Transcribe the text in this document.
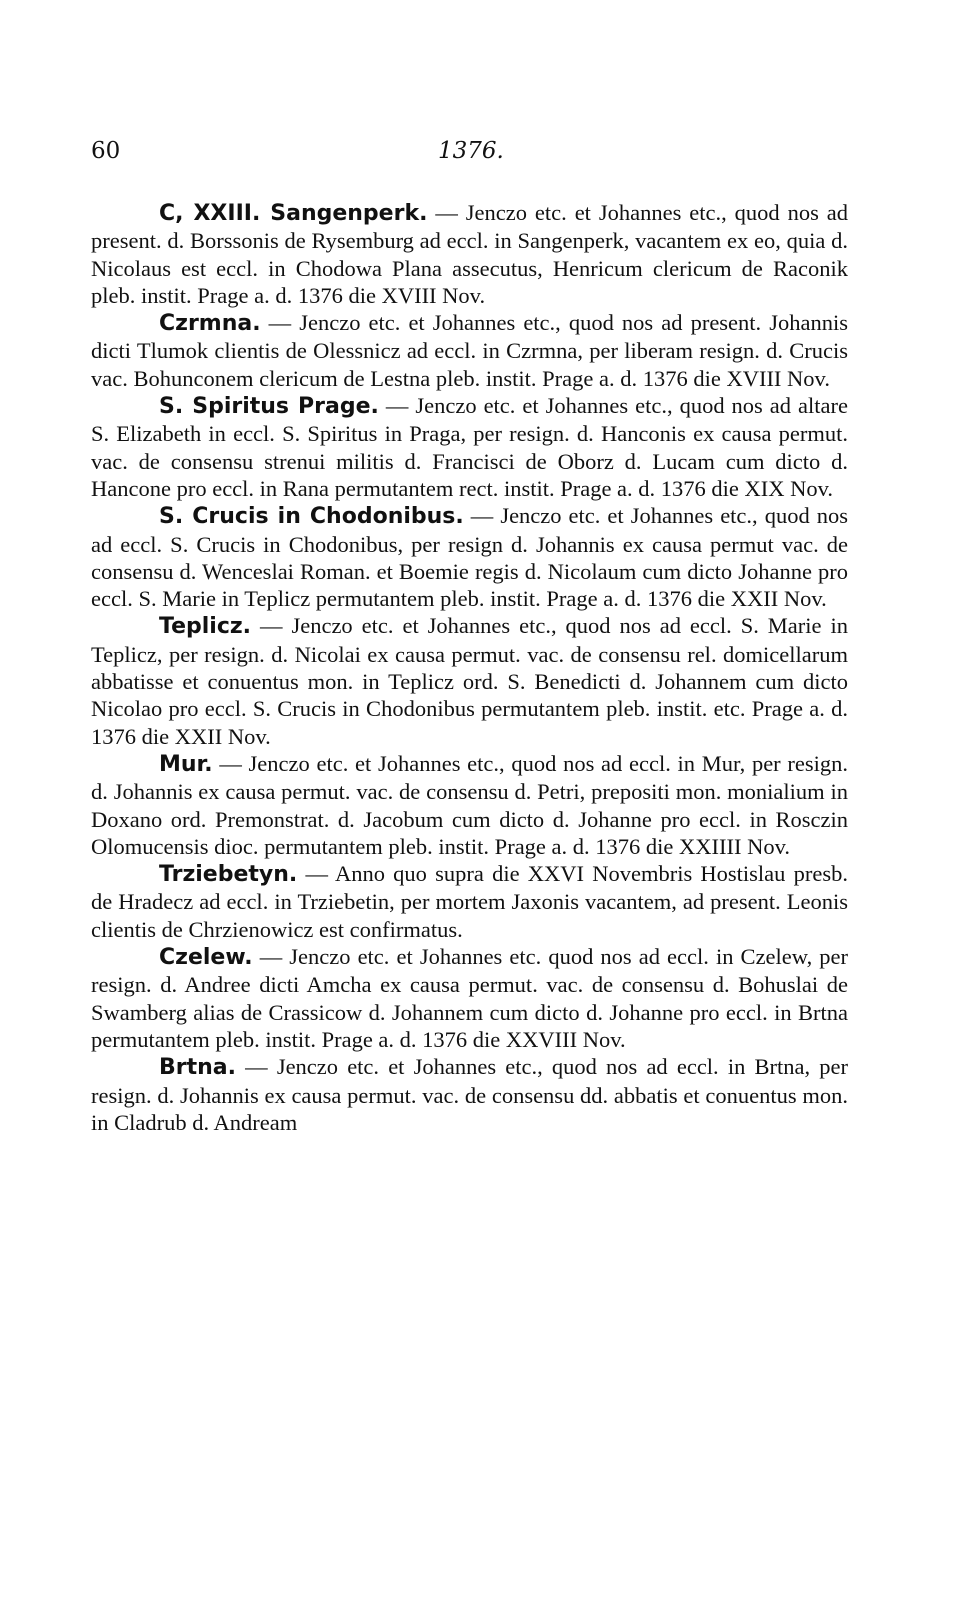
60	1376.

C, XXIII. Sangenperk. — Jenczo etc. et Johannes etc., quod nos ad present. d. Borssonis de Rysemburg ad eccl. in Sangenperk, vacantem ex eo, quia d. Nicolaus est eccl. in Chodowa Plana assecutus, Henricum clericum de Raconik pleb. instit. Prage a. d. 1376 die XVIII Nov.

Czrmna. — Jenczo etc. et Johannes etc., quod nos ad present. Johannis dicti Tlumok clientis de Olessnicz ad eccl. in Czrmna, per liberam resign. d. Crucis vac. Bohunconem clericum de Lestna pleb. instit. Prage a. d. 1376 die XVIII Nov.

S. Spiritus Prage. — Jenczo etc. et Johannes etc., quod nos ad altare S. Elizabeth in eccl. S. Spiritus in Praga, per resign. d. Hanconis ex causa permut. vac. de consensu strenui militis d. Francisci de Oborz d. Lucam cum dicto d. Hancone pro eccl. in Rana permutantem rect. instit. Prage a. d. 1376 die XIX Nov.

S. Crucis in Chodonibus. — Jenczo etc. et Johannes etc., quod nos ad eccl. S. Crucis in Chodonibus, per resign d. Johannis ex causa permut vac. de consensu d. Wenceslai Roman. et Boemie regis d. Nicolaum cum dicto Johanne pro eccl. S. Marie in Teplicz permutantem pleb. instit. Prage a. d. 1376 die XXII Nov.

Teplicz. — Jenczo etc. et Johannes etc., quod nos ad eccl. S. Marie in Teplicz, per resign. d. Nicolai ex causa permut. vac. de consensu rel. domicellarum abbatisse et conuentus mon. in Teplicz ord. S. Benedicti d. Johannem cum dicto Nicolao pro eccl. S. Crucis in Chodonibus permutantem pleb. instit. etc. Prage a. d. 1376 die XXII Nov.

Mur. — Jenczo etc. et Johannes etc., quod nos ad eccl. in Mur, per resign. d. Johannis ex causa permut. vac. de consensu d. Petri, prepositi mon. monialium in Doxano ord. Premonstrat. d. Jacobum cum dicto d. Johanne pro eccl. in Rosczin Olomucensis dioc. permutantem pleb. instit. Prage a. d. 1376 die XXIIII Nov.

Trziebetyn. — Anno quo supra die XXVI Novembris Hostislau presb. de Hradecz ad eccl. in Trziebetin, per mortem Jaxonis vacantem, ad present. Leonis clientis de Chrzienowicz est confirmatus.

Czelew. — Jenczo etc. et Johannes etc. quod nos ad eccl. in Czelew, per resign. d. Andree dicti Amcha ex causa permut. vac. de consensu d. Bohuslai de Swamberg alias de Crassicow d. Johannem cum dicto d. Johanne pro eccl. in Brtna permutantem pleb. instit. Prage a. d. 1376 die XXVIII Nov.

Brtna. — Jenczo etc. et Johannes etc., quod nos ad eccl. in Brtna, per resign. d. Johannis ex causa permut. vac. de consensu dd. abbatis et conuentus mon. in Cladrub d. Andream
